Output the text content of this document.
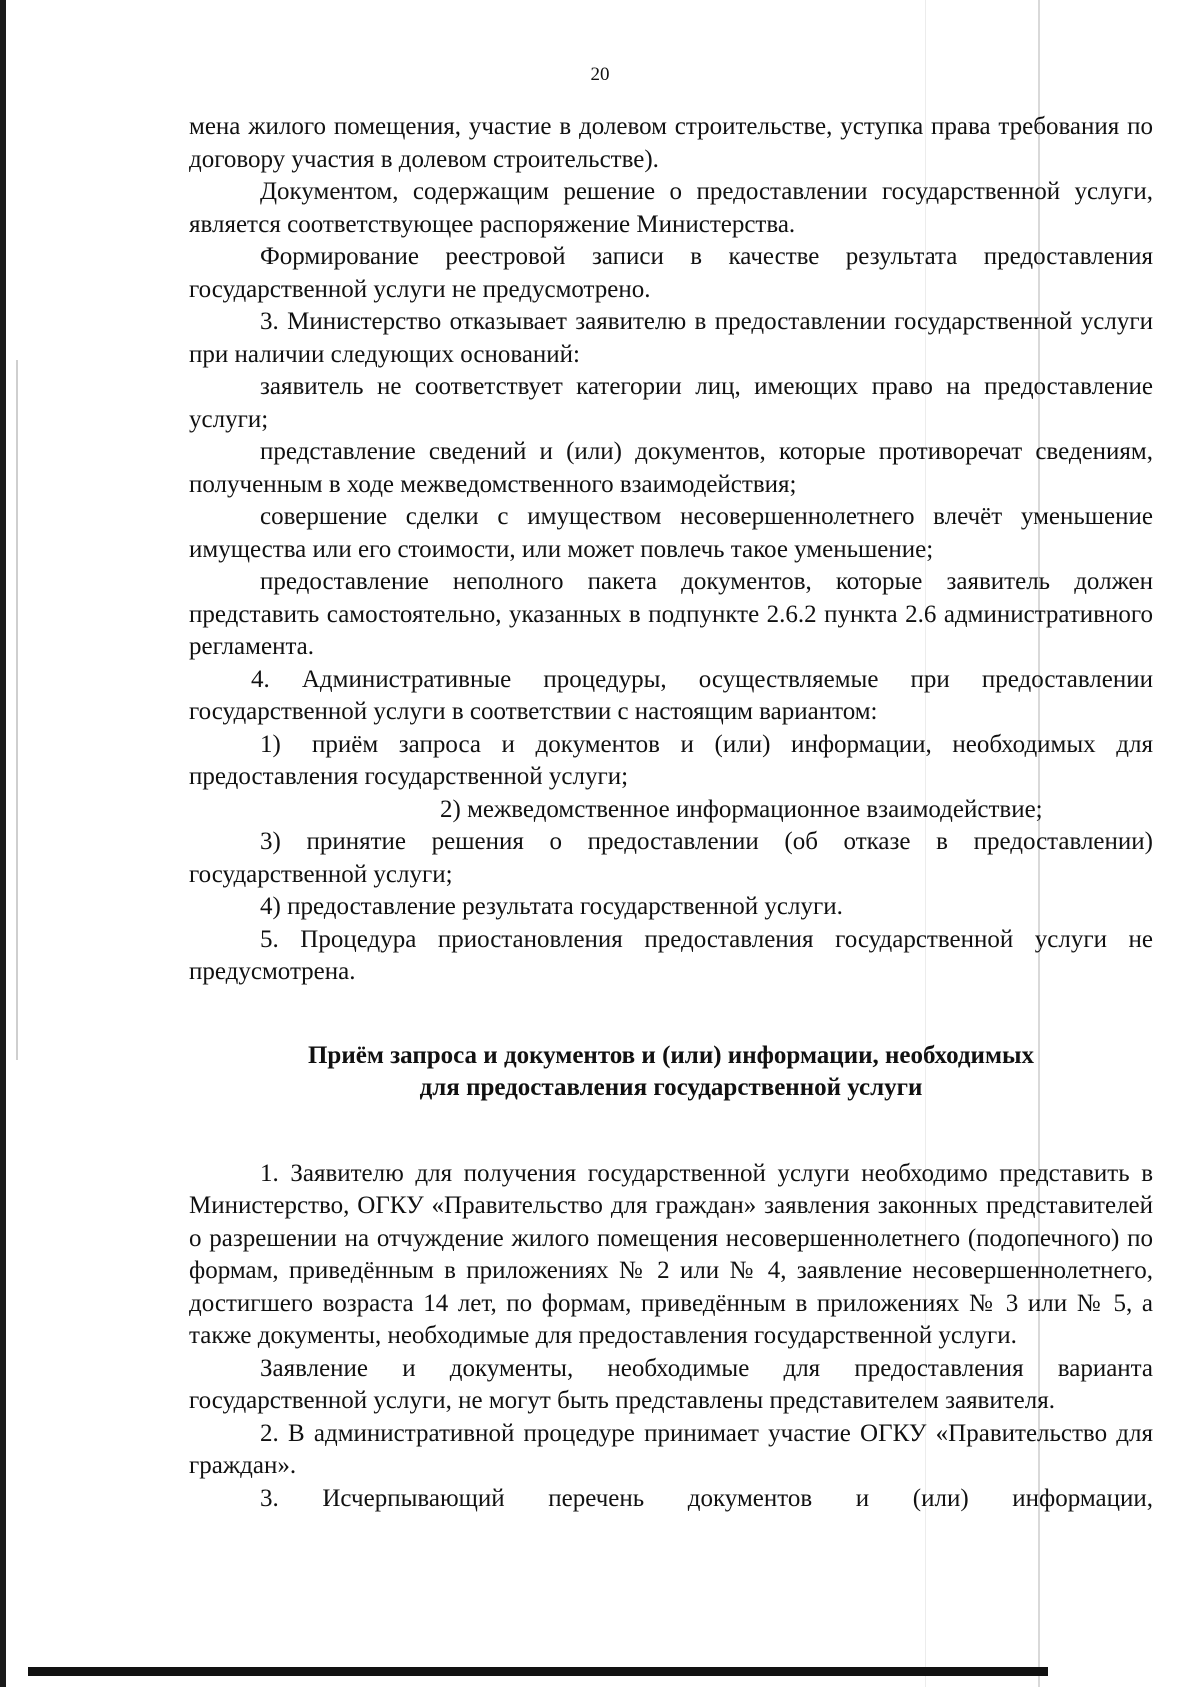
20

мена жилого помещения, участие в долевом строительстве, уступка права требования по договору участия в долевом строительстве).

Документом, содержащим решение о предоставлении государственной услуги, является соответствующее распоряжение Министерства.

Формирование реестровой записи в качестве результата предоставления государственной услуги не предусмотрено.

3. Министерство отказывает заявителю в предоставлении государственной услуги при наличии следующих оснований:

заявитель не соответствует категории лиц, имеющих право на предоставление услуги;

представление сведений и (или) документов, которые противоречат сведениям, полученным в ходе межведомственного взаимодействия;

совершение сделки с имуществом несовершеннолетнего влечёт уменьшение имущества или его стоимости, или может повлечь такое уменьшение;

предоставление неполного пакета документов, которые заявитель должен представить самостоятельно, указанных в подпункте 2.6.2 пункта 2.6 административного регламента.

4. Административные процедуры, осуществляемые при предоставлении государственной услуги в соответствии с настоящим вариантом:

1) приём запроса и документов и (или) информации, необходимых для предоставления государственной услуги;

2) межведомственное информационное взаимодействие;

3) принятие решения о предоставлении (об отказе в предоставлении) государственной услуги;

4) предоставление результата государственной услуги.

5. Процедура приостановления предоставления государственной услуги не предусмотрена.

Приём запроса и документов и (или) информации, необходимых

для предоставления государственной услуги

1. Заявителю для получения государственной услуги необходимо представить в Министерство, ОГКУ «Правительство для граждан» заявления законных представителей о разрешении на отчуждение жилого помещения несовершеннолетнего (подопечного) по формам, приведённым в приложениях № 2 или № 4, заявление несовершеннолетнего, достигшего возраста 14 лет, по формам, приведённым в приложениях № 3 или № 5, а также документы, необходимые для предоставления государственной услуги.

Заявление и документы, необходимые для предоставления варианта государственной услуги, не могут быть представлены представителем заявителя.

2. В административной процедуре принимает участие ОГКУ «Правительство для граждан».

3. Исчерпывающий перечень документов и (или) информации,
